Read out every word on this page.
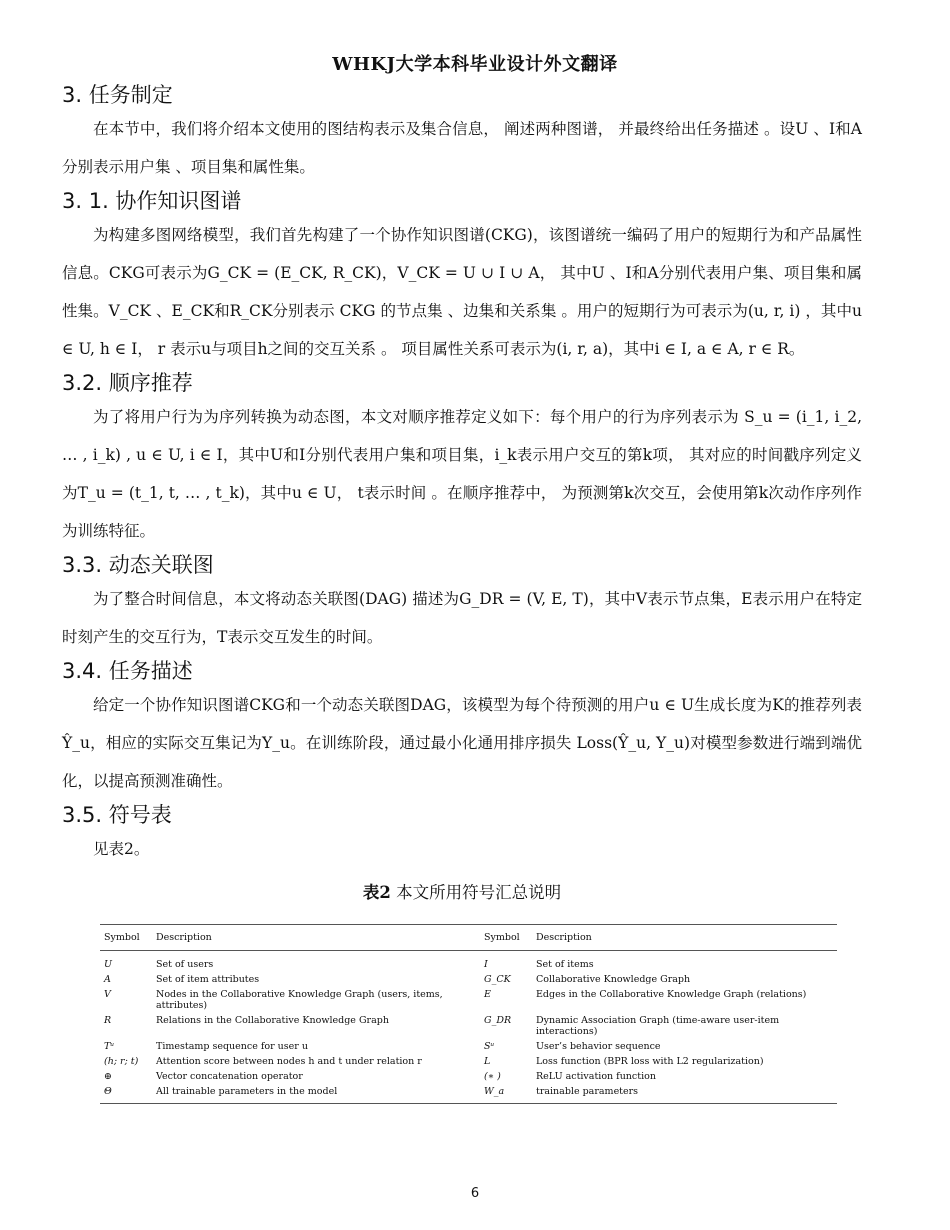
WHKJ大学本科毕业设计外文翻译
3. 任务制定

在本节中，我们将介绍本文使用的图结构表示及集合信息， 阐述两种图谱， 并最终给出任务描述 。设U 、I和A分别表示用户集 、项目集和属性集。

3. 1. 协作知识图谱

为构建多图网络模型，我们首先构建了一个协作知识图谱(CKG)，该图谱统一编码了用户的短期行为和产品属性信息。CKG可表示为G_CK = (E_CK, R_CK)，V_CK = U ∪ I ∪ A， 其中U 、I和A分别代表用户集、项目集和属性集。V_CK 、E_CK和R_CK分别表示 CKG 的节点集 、边集和关系集 。用户的短期行为可表示为(u, r, i) ，其中u ∈ U, h ∈ I， r 表示u与项目h之间的交互关系 。 项目属性关系可表示为(i, r, a)，其中i ∈ I, a ∈ A, r ∈ R。

3.2. 顺序推荐

为了将用户行为为序列转换为动态图，本文对顺序推荐定义如下：每个用户的行为序列表示为 S_u = (i_1, i_2, … , i_k) , u ∈ U, i ∈ I，其中U和I分别代表用户集和项目集，i_k表示用户交互的第k项， 其对应的时间戳序列定义为T_u = (t_1, t, … , t_k)，其中u ∈ U， t表示时间 。在顺序推荐中， 为预测第k次交互，会使用第k次动作序列作为训练特征。

3.3. 动态关联图

为了整合时间信息，本文将动态关联图(DAG) 描述为G_DR = (V, E, T)，其中V表示节点集，E表示用户在特定时刻产生的交互行为，T表示交互发生的时间。

3.4. 任务描述

给定一个协作知识图谱CKG和一个动态关联图DAG，该模型为每个待预测的用户u ∈ U生成长度为K的推荐列表Ŷ_u，相应的实际交互集记为Y_u。在训练阶段，通过最小化通用排序损失 Loss(Ŷ_u, Y_u)对模型参数进行端到端优化，以提高预测准确性。

3.5. 符号表

见表2。

表2 本文所用符号汇总说明
Symbol	Description	Symbol	Description
U	Set of users	I	Set of items
A	Set of item attributes	G_CK	Collaborative Knowledge Graph
V	Nodes in the Collaborative Knowledge Graph (users, items, attributes)	E	Edges in the Collaborative Knowledge Graph (relations)
R	Relations in the Collaborative Knowledge Graph	G_DR	Dynamic Association Graph (time-aware user-item interactions)
Tᵘ	Timestamp sequence for user u	Sᵘ	User’s behavior sequence
(h; r; t)	Attention score between nodes h and t under relation r	L	Loss function (BPR loss with L2 regularization)
⊕	Vector concatenation operator	(∗ )	ReLU activation function
Θ	All trainable parameters in the model	W_a	trainable parameters
6
